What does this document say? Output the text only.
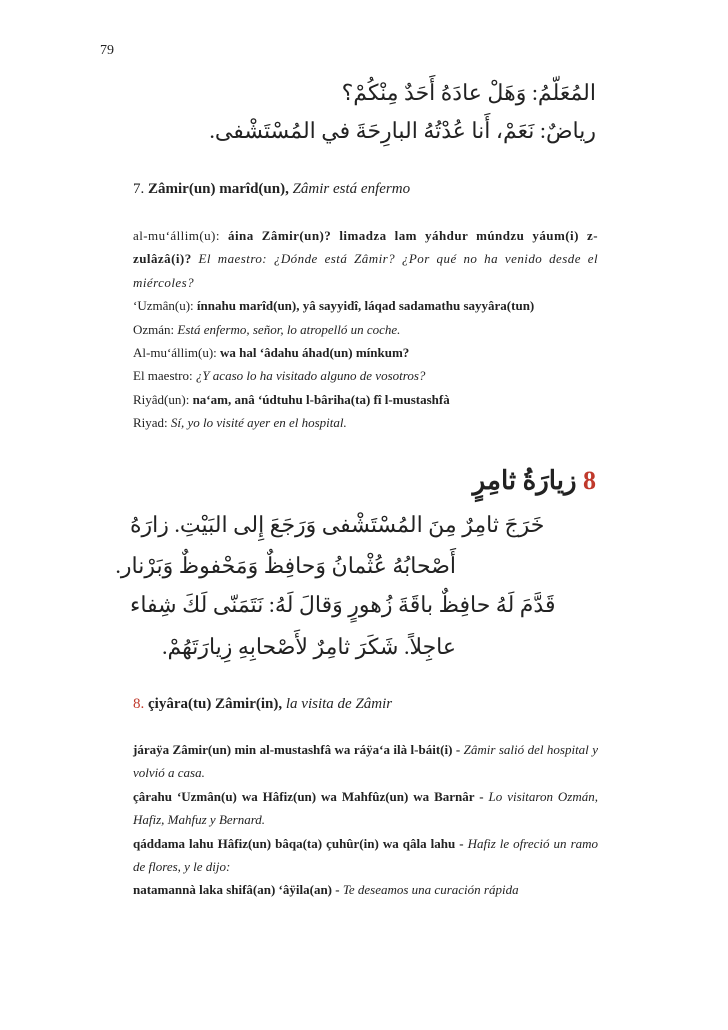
79
المُعَلّمُ: وَهَلْ عادَهُ أَحَدٌ مِنْكُمْ؟
رياضٌ: نَعَمْ، أَنا عُدْتُهُ البارِحَةَ في المُسْتَشْفى.
7. Zâmir(un) marîd(un), Zâmir está enfermo

al-mu‘állim(u): áina Zâmir(un)? limadza lam yáhdur múndzu yáum(i) z-zulâzâ(i)? El maestro: ¿Dónde está Zâmir? ¿Por qué no ha venido desde el miércoles?

‘Uzmân(u): ínnahu marîd(un), yâ sayyidî, láqad sadamathu sayyâra(tun)

Ozmán: Está enfermo, señor, lo atropelló un coche.

Al-mu‘állim(u): wa hal ‘âdahu áhad(un) mínkum?

El maestro: ¿Y acaso lo ha visitado alguno de vosotros?

Riyâd(un): na‘am, anâ ‘údtuhu l-bâriha(ta) fî l-mustashfà

Riyad: Sí, yo lo visité ayer en el hospital.

8 زيارَةُ ثامِرٍ
خَرَجَ ثامِرٌ مِنَ المُسْتَشْفى وَرَجَعَ إِلى البَيْتِ. زارَهُ
أَصْحابُهُ عُثْمانُ وَحافِظٌ وَمَحْفوظٌ وَبَرْنار.
قَدَّمَ لَهُ حافِظٌ باقَةَ زُهورٍ وَقالَ لَهُ: نَتَمَنّى لَكَ شِفاء
عاجِلاً. شَكَرَ ثامِرٌ لأَصْحابِهِ زِيارَتَهُمْ.
8. çiyâra(tu) Zâmir(in), la visita de Zâmir

járaÿa Zâmir(un) min al-mustashfâ wa ráÿa‘a ilà l-báit(i) - Zâmir salió del hospital y volvió a casa.

çârahu ‘Uzmân(u) wa Hâfiz(un) wa Mahfûz(un) wa Barnâr - Lo visitaron Ozmán, Hafiz, Mahfuz y Bernard.

qáddama lahu Hâfiz(un) bâqa(ta) çuhûr(in) wa qâla lahu - Hafiz le ofreció un ramo de flores, y le dijo:

natamannà laka shifâ(an) ‘âÿila(an) - Te deseamos una curación rápida
